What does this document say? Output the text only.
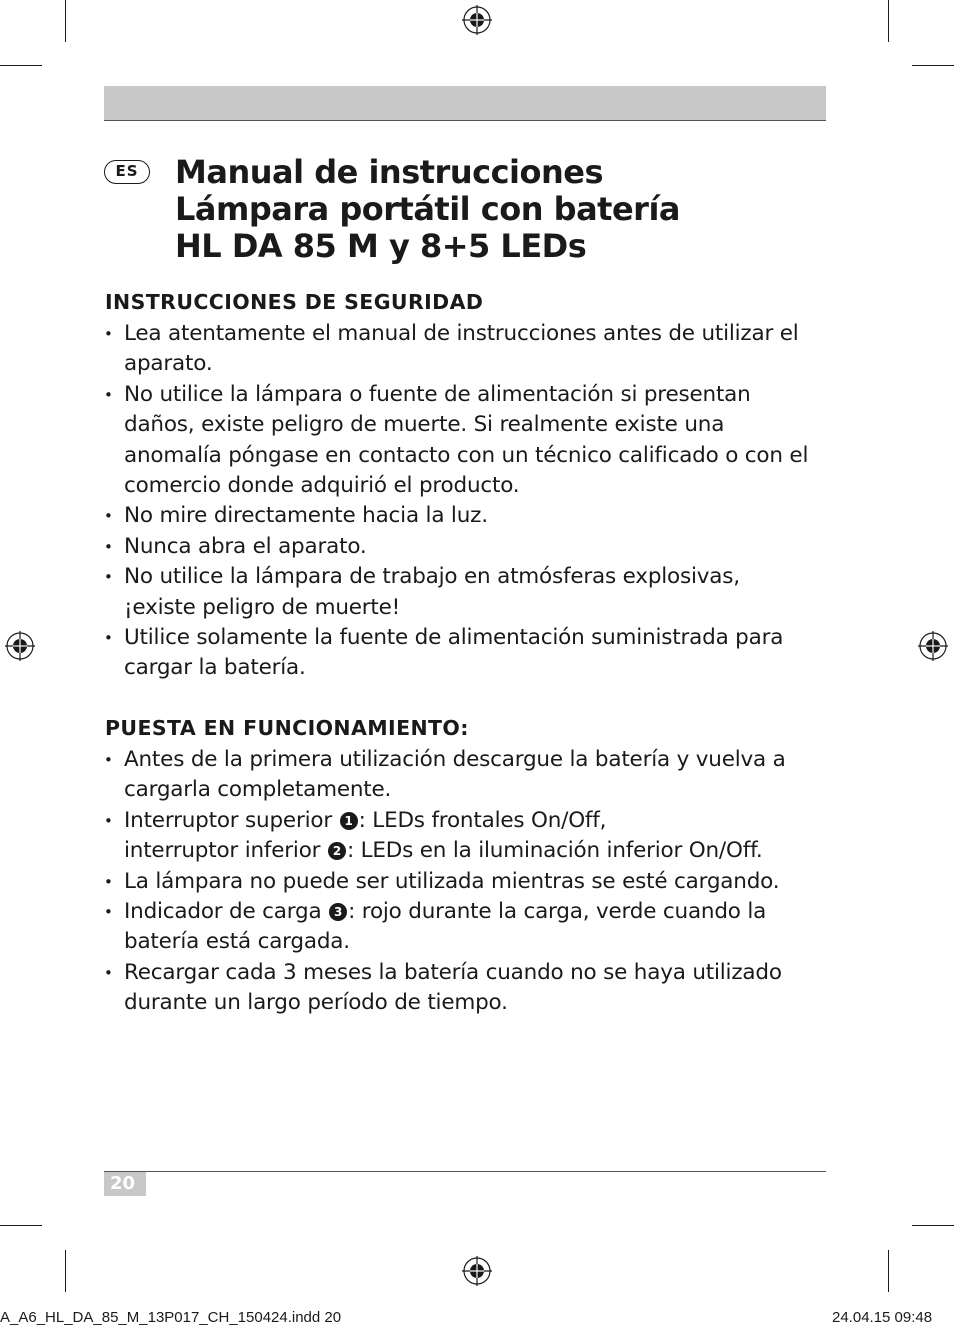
ES	Manual de instrucciones
Lámpara portátil con batería
HL DA 85 M y 8+5 LEDs
INSTRUCCIONES DE SEGURIDAD
• Lea atentamente el manual de instrucciones antes de utilizar el aparato.
• No utilice la lámpara o fuente de alimentación si presentan daños, existe peligro de muerte. Si realmente existe una anomalía póngase en contacto con un técnico calificado o con el comercio donde adquirió el producto.
• No mire directamente hacia la luz.
• Nunca abra el aparato.
• No utilice la lámpara de trabajo en atmósferas explosivas, ¡existe peligro de muerte!
• Utilice solamente la fuente de alimentación suministrada para cargar la batería.
PUESTA EN FUNCIONAMIENTO:
• Antes de la primera utilización descargue la batería y vuelva a cargarla completamente.
• Interruptor superior 1 : LEDs frontales On/Off,
interruptor inferior 2 : LEDs en la iluminación inferior On/Off.
• La lámpara no puede ser utilizada mientras se esté cargando.
• Indicador de carga 3 : rojo durante la carga, verde cuando la batería está cargada.
• Recargar cada 3 meses la batería cuando no se haya utilizado durante un largo período de tiempo.
20
A_A6_HL_DA_85_M_13P017_CH_150424.indd 20	24.04.15 09:48
